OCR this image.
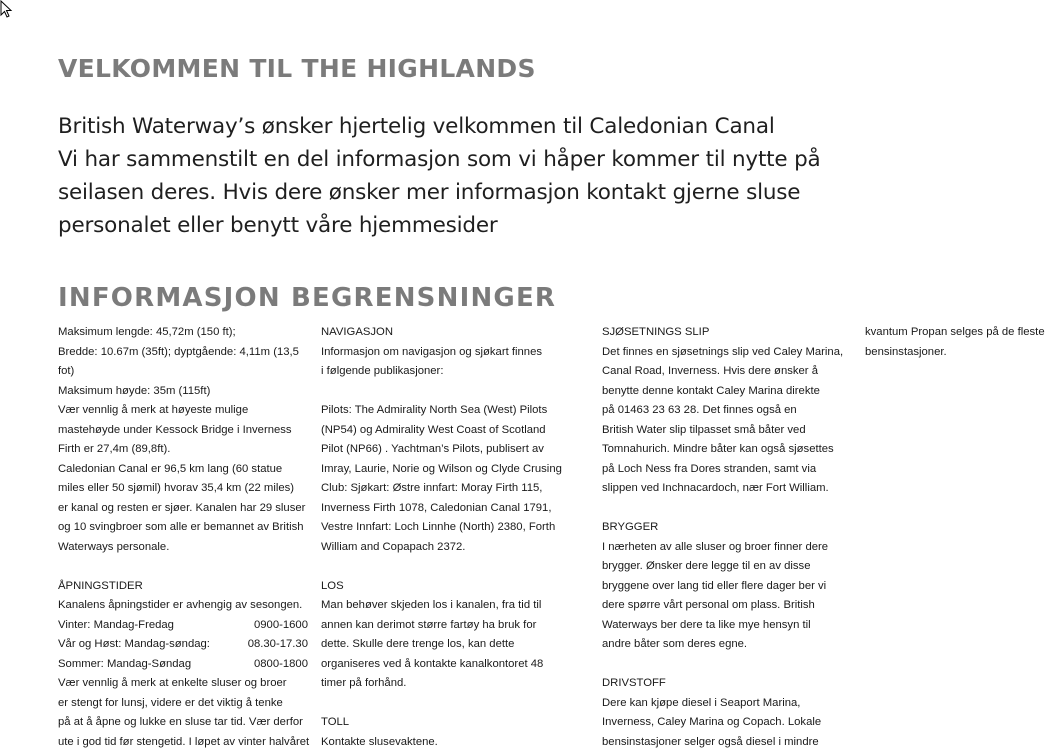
VELKOMMEN TIL THE HIGHLANDS
British Waterway’s ønsker hjertelig velkommen til Caledonian Canal
Vi har sammenstilt en del informasjon som vi håper kommer til nytte på
seilasen deres. Hvis dere ønsker mer informasjon kontakt gjerne sluse
personalet eller benytt våre hjemmesider
INFORMASJON BEGRENSNINGER
Maksimum lengde: 45,72m (150 ft);
Bredde: 10.67m (35ft); dyptgående: 4,11m (13,5
fot)
Maksimum høyde: 35m (115ft)
Vær vennlig å merk at høyeste mulige
mastehøyde under Kessock Bridge i Inverness
Firth er 27,4m (89,8ft).
Caledonian Canal er 96,5 km lang (60 statue
miles eller 50 sjømil) hvorav 35,4 km (22 miles)
er kanal og resten er sjøer. Kanalen har 29 sluser
og 10 svingbroer som alle er bemannet av British
Waterways personale.
ÅPNINGSTIDER
Kanalens åpningstider er avhengig av sesongen.
Vinter: Mandag-Fredag	0900-1600
Vår og Høst: Mandag-søndag:	08.30-17.30
Sommer: Mandag-Søndag	0800-1800
Vær vennlig å merk at enkelte sluser og broer
er stengt for lunsj, videre er det viktig å tenke
på at å åpne og lukke en sluse tar tid. Vær derfor
ute i god tid før stengetid. I løpet av vinter halvåret
NAVIGASJON
Informasjon om navigasjon og sjøkart finnes
i følgende publikasjoner:
Pilots: The Admirality North Sea (West) Pilots
(NP54) og Admirality West Coast of Scotland
Pilot (NP66) . Yachtman’s Pilots, publisert av
Imray, Laurie, Norie og Wilson og Clyde Crusing
Club: Sjøkart: Østre innfart: Moray Firth 115,
Inverness Firth 1078, Caledonian Canal 1791,
Vestre Innfart: Loch Linnhe (North) 2380, Forth
William and Copapach 2372.
LOS
Man behøver skjeden los i kanalen, fra tid til
annen kan derimot større fartøy ha bruk for
dette. Skulle dere trenge los, kan dette
organiseres ved å kontakte kanalkontoret 48
timer på forhånd.
TOLL
Kontakte slusevaktene.
SJØSETNINGS SLIP
Det finnes en sjøsetnings slip ved Caley Marina,
Canal Road, Inverness. Hvis dere ønsker å
benytte denne kontakt Caley Marina direkte
på 01463 23 63 28. Det finnes også en
British Water slip tilpasset små båter ved
Tomnahurich. Mindre båter kan også sjøsettes
på Loch Ness fra Dores stranden, samt via
slippen ved Inchnacardoch, nær Fort William.
BRYGGER
I nærheten av alle sluser og broer finner dere
brygger. Ønsker dere legge til en av disse
bryggene over lang tid eller flere dager ber vi
dere spørre vårt personal om plass. British
Waterways ber dere ta like mye hensyn til
andre båter som deres egne.
DRIVSTOFF
Dere kan kjøpe diesel i Seaport Marina,
Inverness, Caley Marina og Copach. Lokale
bensinstasjoner selger også diesel i mindre
kvantum Propan selges på de fleste
bensinstasjoner.
